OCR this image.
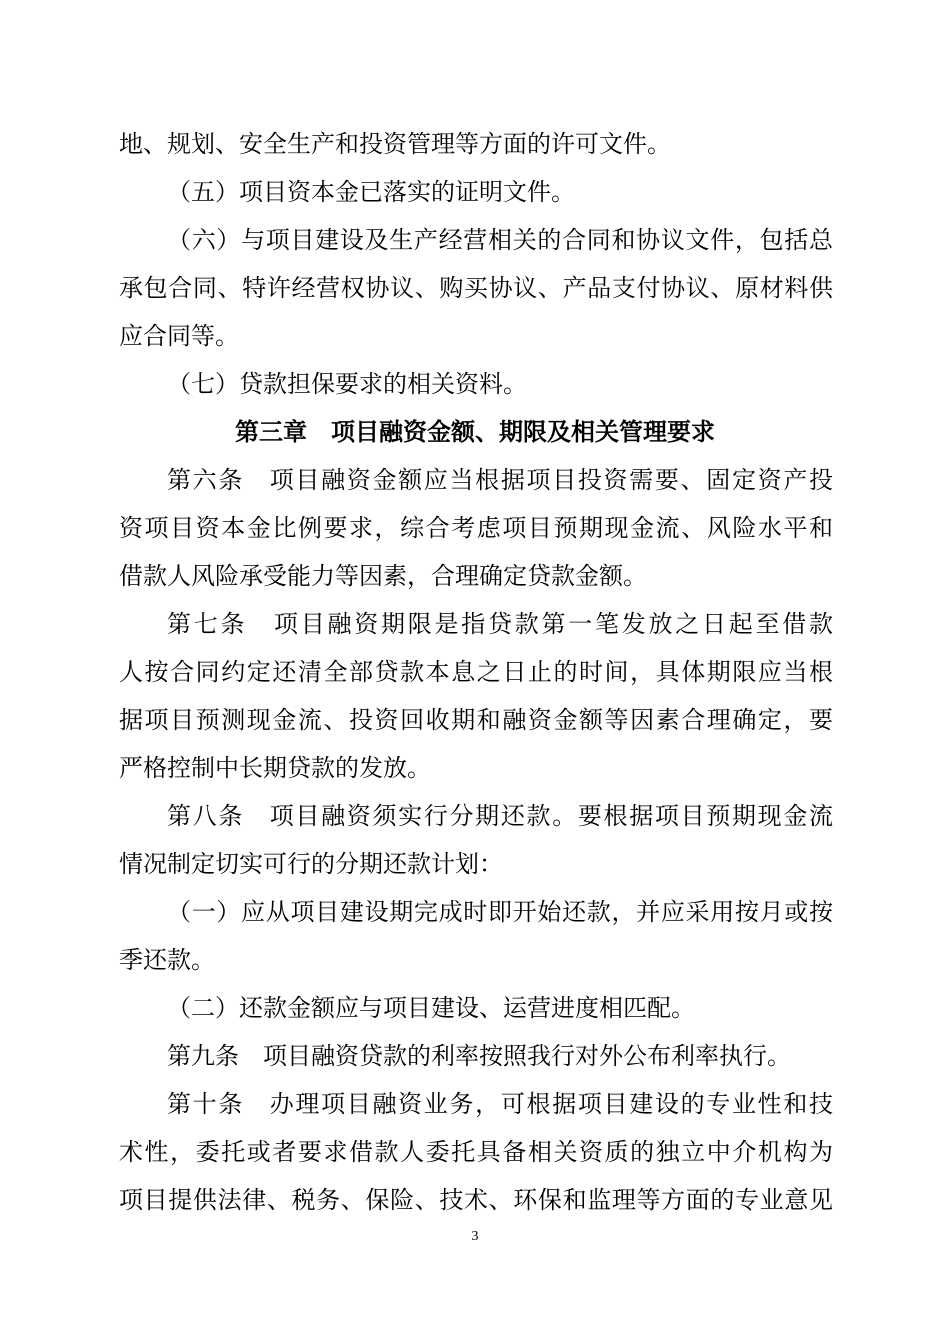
地、规划、安全生产和投资管理等方面的许可文件。
（五）项目资本金已落实的证明文件。
（六）与项目建设及生产经营相关的合同和协议文件，包括总
承包合同、特许经营权协议、购买协议、产品支付协议、原材料供
应合同等。
（七）贷款担保要求的相关资料。
第三章　项目融资金额、期限及相关管理要求
第六条　项目融资金额应当根据项目投资需要、固定资产投
资项目资本金比例要求，综合考虑项目预期现金流、风险水平和
借款人风险承受能力等因素，合理确定贷款金额。
第七条　项目融资期限是指贷款第一笔发放之日起至借款
人按合同约定还清全部贷款本息之日止的时间，具体期限应当根
据项目预测现金流、投资回收期和融资金额等因素合理确定，要
严格控制中长期贷款的发放。
第八条　项目融资须实行分期还款。要根据项目预期现金流
情况制定切实可行的分期还款计划：
（一）应从项目建设期完成时即开始还款，并应采用按月或按
季还款。
（二）还款金额应与项目建设、运营进度相匹配。
第九条　项目融资贷款的利率按照我行对外公布利率执行。
第十条　办理项目融资业务，可根据项目建设的专业性和技
术性，委托或者要求借款人委托具备相关资质的独立中介机构为
项目提供法律、税务、保险、技术、环保和监理等方面的专业意见
3
